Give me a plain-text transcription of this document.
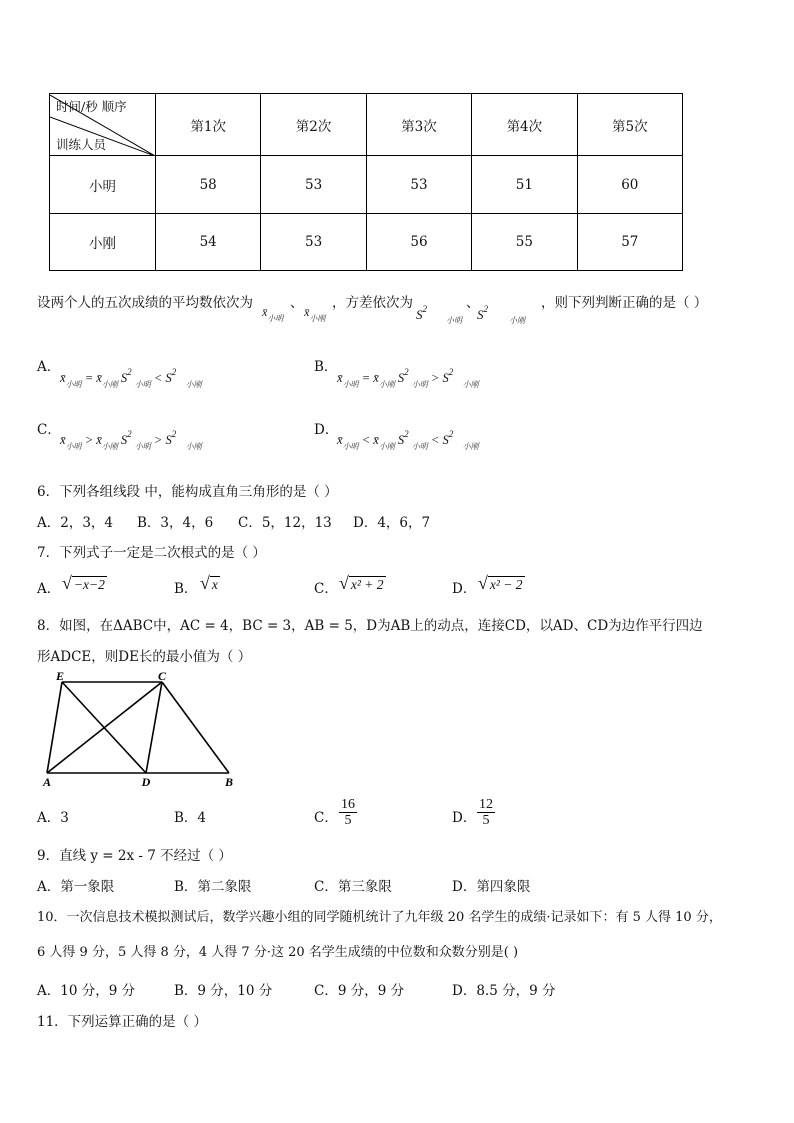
时间/秒 顺序
训练人员	第1次	第2次	第3次	第4次	第5次
小明	58	53	53	51	60
小刚	54	53	56	55	57
设两个人的五次成绩的平均数依次为
$x̄_{小明}$
、
$x̄_{小刚}$
，方差依次为
$S^2$
小明
、
$S^2$
小刚
，则下列判断正确的是（ ）
A．
$x̄_{小明}$ = $x̄_{小刚}$ $S^2$ $_{小明} < S^2$   $_{小刚}$
B．
$x̄_{小明}$ = $x̄_{小刚}$ $S^2$ $_{小明} > S^2$   $_{小刚}$
C．
$x̄_{小明}$ > $x̄_{小刚}$ $S^2$ $_{小明} > S^2$   $_{小刚}$
D．
$x̄_{小明}$ < $x̄_{小刚}$ $S^2$ $_{小明} < S^2$   $_{小刚}$
6．下列各组线段 中，能构成直角三角形的是（ ）
A．2，3，4 B．3，4，6 C．5，12，13 D．4，6，7
7．下列式子一定是二次根式的是（ ）
A． √ −x−2	B． √ x	C． √ x² + 2	D． √ x² − 2
8．如图，在ΔABC中，AC = 4，BC = 3，AB = 5，D为AB上的动点，连接CD，以AD、CD为边作平行四边
形ADCE，则DE长的最小值为（ ）
E	C
A	D	B
A．3	B．4	C． $\frac{16}{5}$	D． $\frac{12}{5}$
9．直线 y = 2x - 7 不经过（ ）
A．第一象限	B．第二象限	C．第三象限	D．第四象限
10．一次信息技术模拟测试后，数学兴趣小组的同学随机统计了九年级 20 名学生的成绩·记录如下：有 5 人得 10 分，
6 人得 9 分，5 人得 8 分，4 人得 7 分·这 20 名学生成绩的中位数和众数分别是( )
A．10 分，9 分	B．9 分，10 分	C．9 分，9 分	D．8.5 分，9 分
11．下列运算正确的是（ ）
